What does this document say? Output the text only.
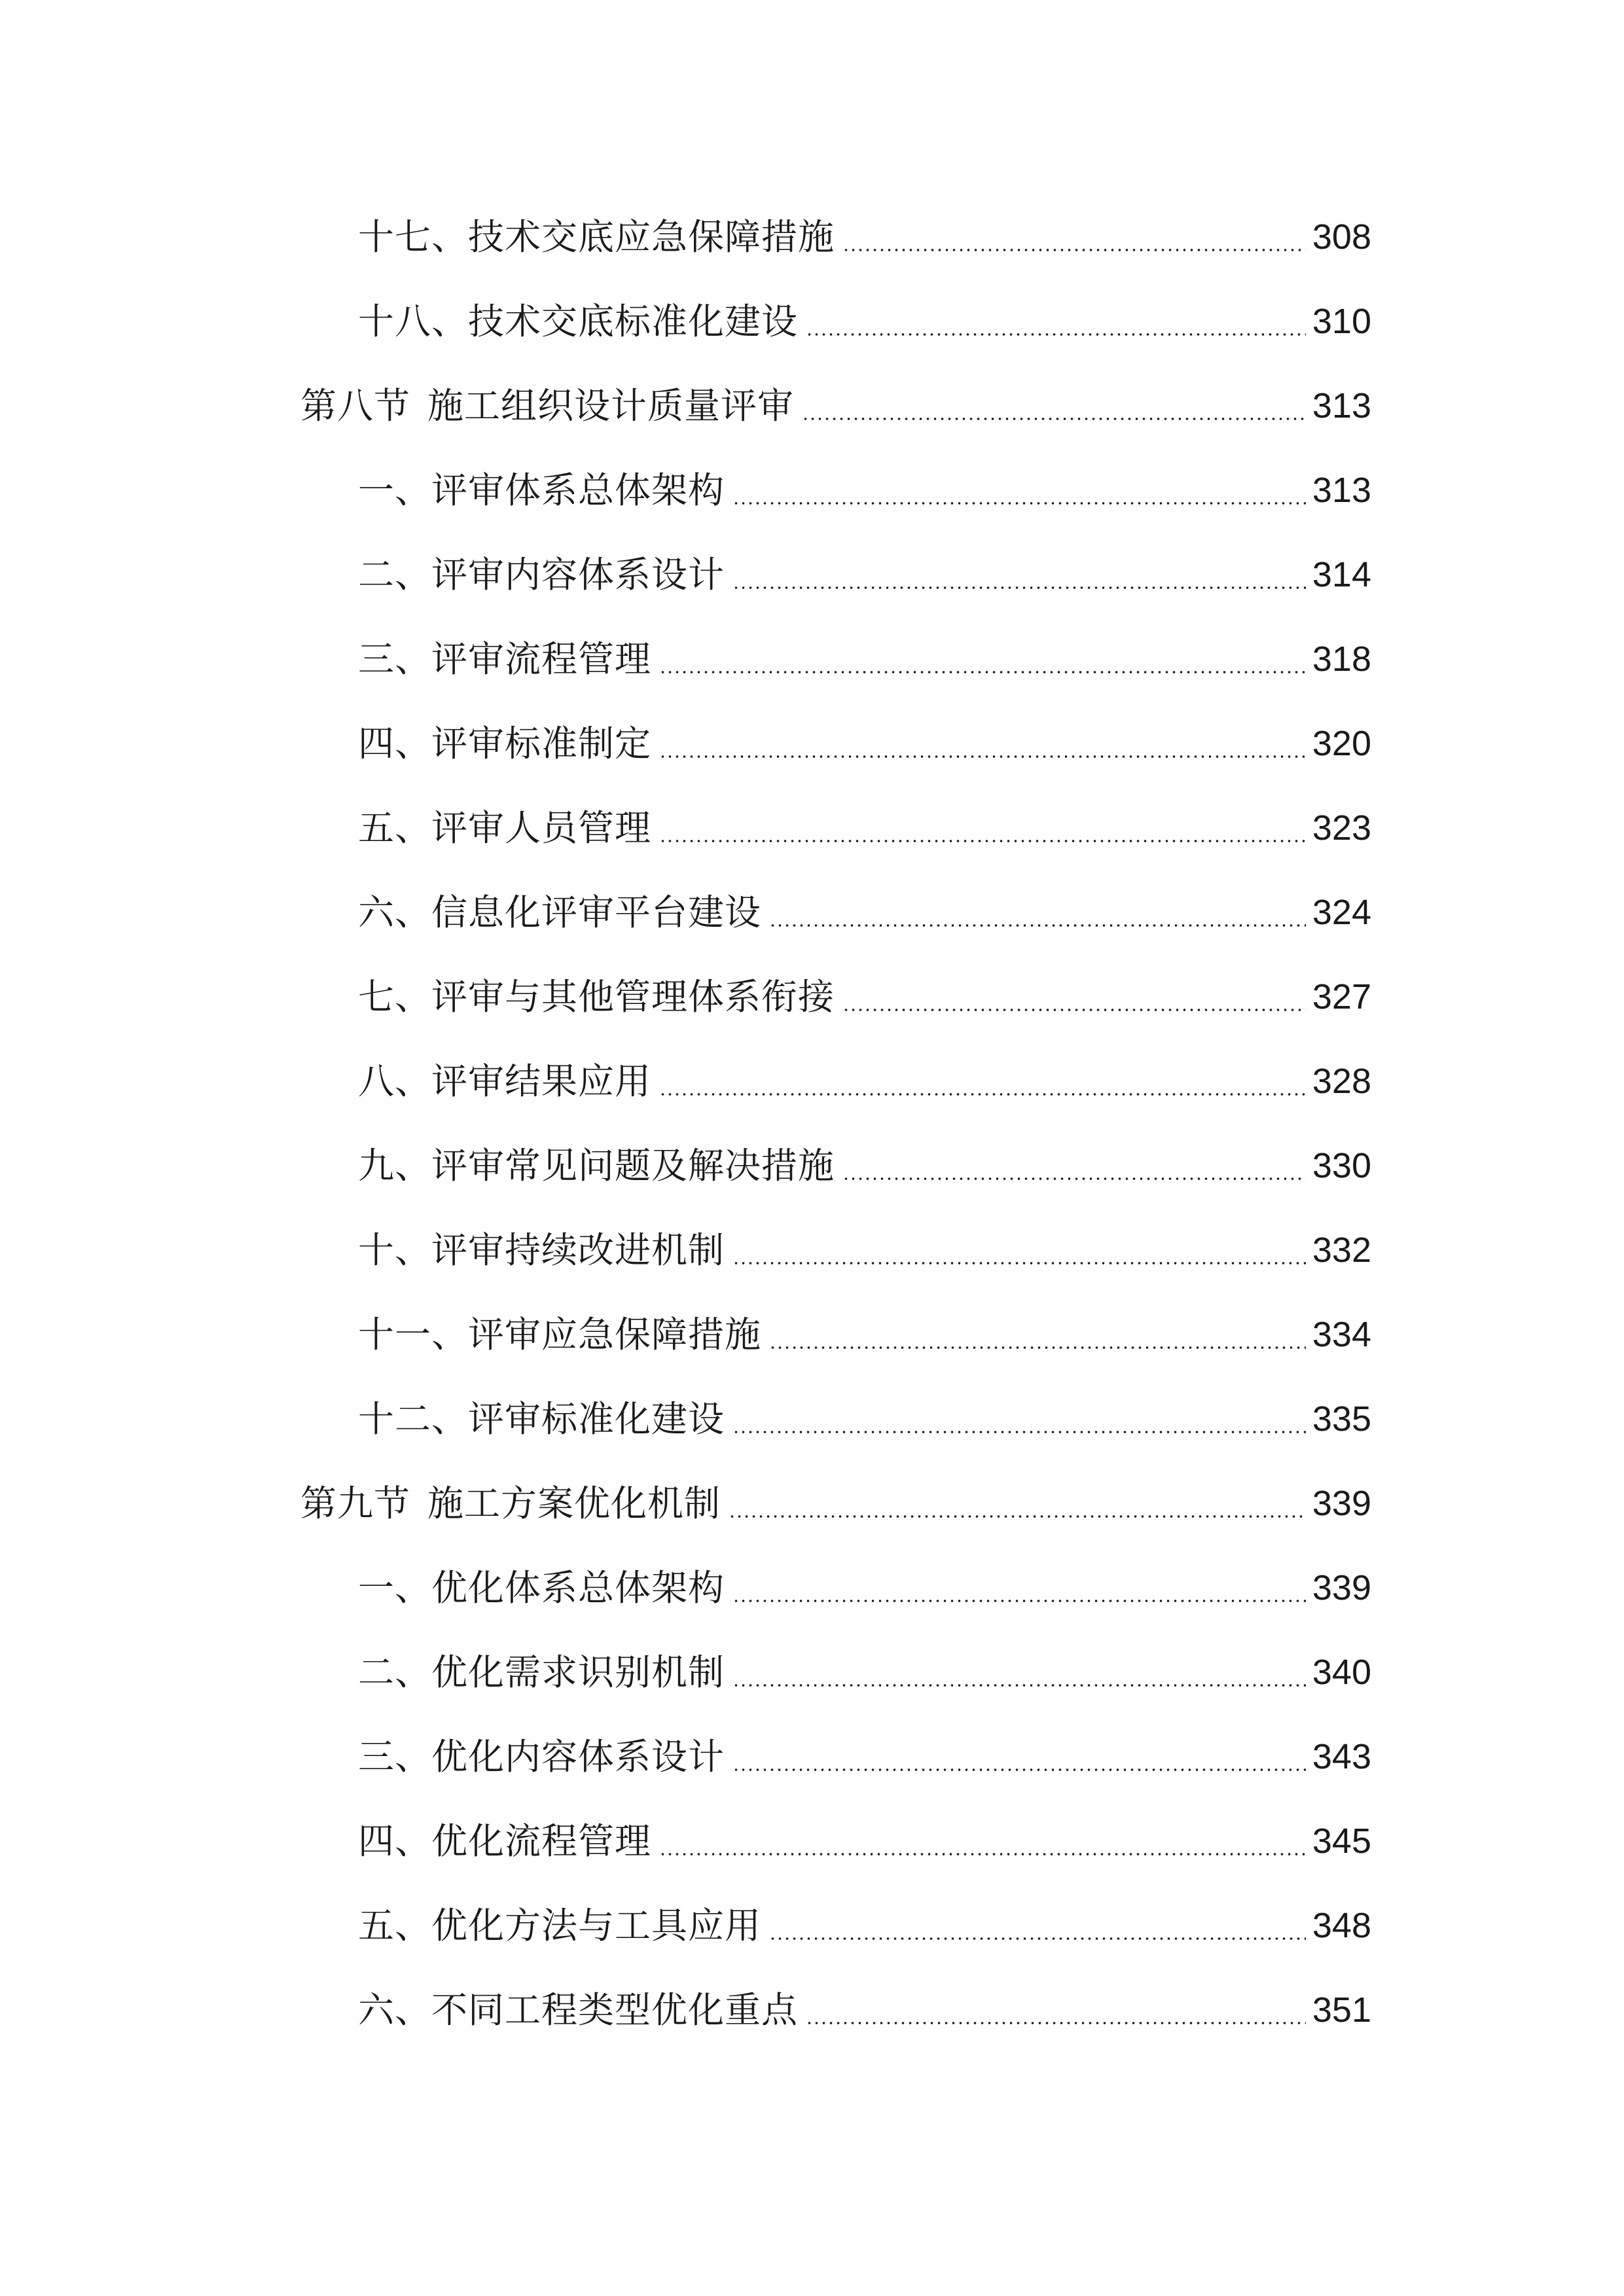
十七、技术交底应急保障措施	308
十八、技术交底标准化建设	310
第八节 施工组织设计质量评审	313
一、评审体系总体架构	313
二、评审内容体系设计	314
三、评审流程管理	318
四、评审标准制定	320
五、评审人员管理	323
六、信息化评审平台建设	324
七、评审与其他管理体系衔接	327
八、评审结果应用	328
九、评审常见问题及解决措施	330
十、评审持续改进机制	332
十一、评审应急保障措施	334
十二、评审标准化建设	335
第九节 施工方案优化机制	339
一、优化体系总体架构	339
二、优化需求识别机制	340
三、优化内容体系设计	343
四、优化流程管理	345
五、优化方法与工具应用	348
六、不同工程类型优化重点	351
